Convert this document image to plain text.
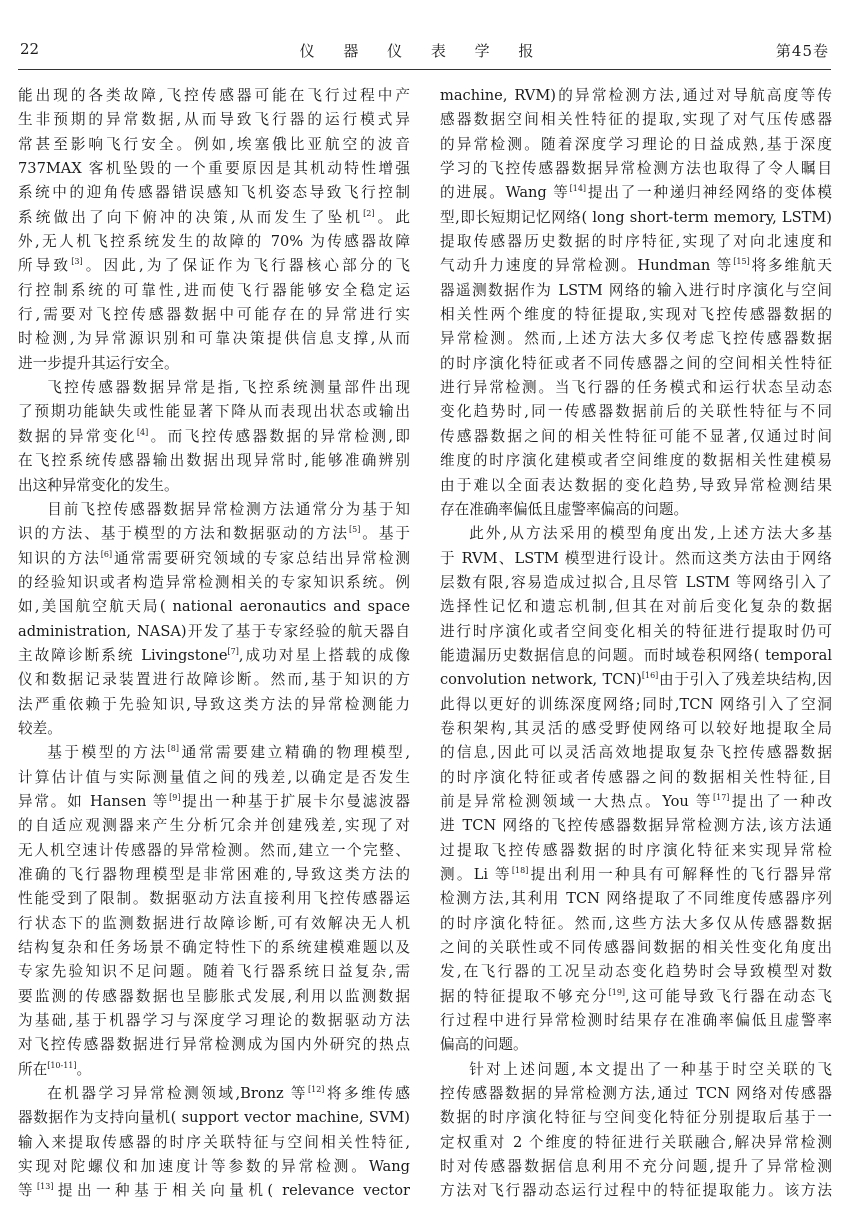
22	仪 器 仪 表 学 报	第45卷
能出现的各类故障,飞控传感器可能在飞行过程中产
生非预期的异常数据,从而导致飞行器的运行模式异
常甚至影响飞行安全。例如,埃塞俄比亚航空的波音
737MAX 客机坠毁的一个重要原因是其机动特性增强
系统中的迎角传感器错误感知飞机姿态导致飞行控制
系统做出了向下俯冲的决策,从而发生了坠机[2]。此
外,无人机飞控系统发生的故障的 70% 为传感器故障
所导致[3]。因此,为了保证作为飞行器核心部分的飞
行控制系统的可靠性,进而使飞行器能够安全稳定运
行,需要对飞控传感器数据中可能存在的异常进行实
时检测,为异常源识别和可靠决策提供信息支撑,从而
进一步提升其运行安全。
飞控传感器数据异常是指,飞控系统测量部件出现
了预期功能缺失或性能显著下降从而表现出状态或输出
数据的异常变化[4]。而飞控传感器数据的异常检测,即
在飞控系统传感器输出数据出现异常时,能够准确辨别
出这种异常变化的发生。
目前飞控传感器数据异常检测方法通常分为基于知
识的方法、基于模型的方法和数据驱动的方法[5]。基于
知识的方法[6]通常需要研究领域的专家总结出异常检测
的经验知识或者构造异常检测相关的专家知识系统。例
如,美国航空航天局( national aeronautics and space
administration, NASA)开发了基于专家经验的航天器自
主故障诊断系统 Livingstone[7],成功对星上搭载的成像
仪和数据记录装置进行故障诊断。然而,基于知识的方
法严重依赖于先验知识,导致这类方法的异常检测能力
较差。
基于模型的方法[8]通常需要建立精确的物理模型,
计算估计值与实际测量值之间的残差,以确定是否发生
异常。如 Hansen 等[9]提出一种基于扩展卡尔曼滤波器
的自适应观测器来产生分析冗余并创建残差,实现了对
无人机空速计传感器的异常检测。然而,建立一个完整、
准确的飞行器物理模型是非常困难的,导致这类方法的
性能受到了限制。数据驱动方法直接利用飞控传感器运
行状态下的监测数据进行故障诊断,可有效解决无人机
结构复杂和任务场景不确定特性下的系统建模难题以及
专家先验知识不足问题。随着飞行器系统日益复杂,需
要监测的传感器数据也呈膨胀式发展,利用以监测数据
为基础,基于机器学习与深度学习理论的数据驱动方法
对飞控传感器数据进行异常检测成为国内外研究的热点
所在[10-11]。
在机器学习异常检测领域,Bronz 等[12]将多维传感
器数据作为支持向量机( support vector machine, SVM)
输入来提取传感器的时序关联特征与空间相关性特征,
实现对陀螺仪和加速度计等参数的异常检测。Wang
等[13]提出一种基于相关向量机( relevance vector
machine, RVM)的异常检测方法,通过对导航高度等传
感器数据空间相关性特征的提取,实现了对气压传感器
的异常检测。随着深度学习理论的日益成熟,基于深度
学习的飞控传感器数据异常检测方法也取得了令人瞩目
的进展。Wang 等[14]提出了一种递归神经网络的变体模
型,即长短期记忆网络( long short-term memory, LSTM)
提取传感器历史数据的时序特征,实现了对向北速度和
气动升力速度的异常检测。Hundman 等[15]将多维航天
器遥测数据作为 LSTM 网络的输入进行时序演化与空间
相关性两个维度的特征提取,实现对飞控传感器数据的
异常检测。然而,上述方法大多仅考虑飞控传感器数据
的时序演化特征或者不同传感器之间的空间相关性特征
进行异常检测。当飞行器的任务模式和运行状态呈动态
变化趋势时,同一传感器数据前后的关联性特征与不同
传感器数据之间的相关性特征可能不显著,仅通过时间
维度的时序演化建模或者空间维度的数据相关性建模易
由于难以全面表达数据的变化趋势,导致异常检测结果
存在准确率偏低且虚警率偏高的问题。
此外,从方法采用的模型角度出发,上述方法大多基
于 RVM、LSTM 模型进行设计。然而这类方法由于网络
层数有限,容易造成过拟合,且尽管 LSTM 等网络引入了
选择性记忆和遗忘机制,但其在对前后变化复杂的数据
进行时序演化或者空间变化相关的特征进行提取时仍可
能遗漏历史数据信息的问题。而时域卷积网络( temporal
convolution network, TCN)[16]由于引入了残差块结构,因
此得以更好的训练深度网络;同时,TCN 网络引入了空洞
卷积架构,其灵活的感受野使网络可以较好地提取全局
的信息,因此可以灵活高效地提取复杂飞控传感器数据
的时序演化特征或者传感器之间的数据相关性特征,目
前是异常检测领域一大热点。You 等[17]提出了一种改
进 TCN 网络的飞控传感器数据异常检测方法,该方法通
过提取飞控传感器数据的时序演化特征来实现异常检
测。Li 等[18]提出利用一种具有可解释性的飞行器异常
检测方法,其利用 TCN 网络提取了不同维度传感器序列
的时序演化特征。然而,这些方法大多仅从传感器数据
之间的关联性或不同传感器间数据的相关性变化角度出
发,在飞行器的工况呈动态变化趋势时会导致模型对数
据的特征提取不够充分[19],这可能导致飞行器在动态飞
行过程中进行异常检测时结果存在准确率偏低且虚警率
偏高的问题。
针对上述问题,本文提出了一种基于时空关联的飞
控传感器数据的异常检测方法,通过 TCN 网络对传感器
数据的时序演化特征与空间变化特征分别提取后基于一
定权重对 2 个维度的特征进行关联融合,解决异常检测
时对传感器数据信息利用不充分问题,提升了异常检测
方法对飞行器动态运行过程中的特征提取能力。该方法
